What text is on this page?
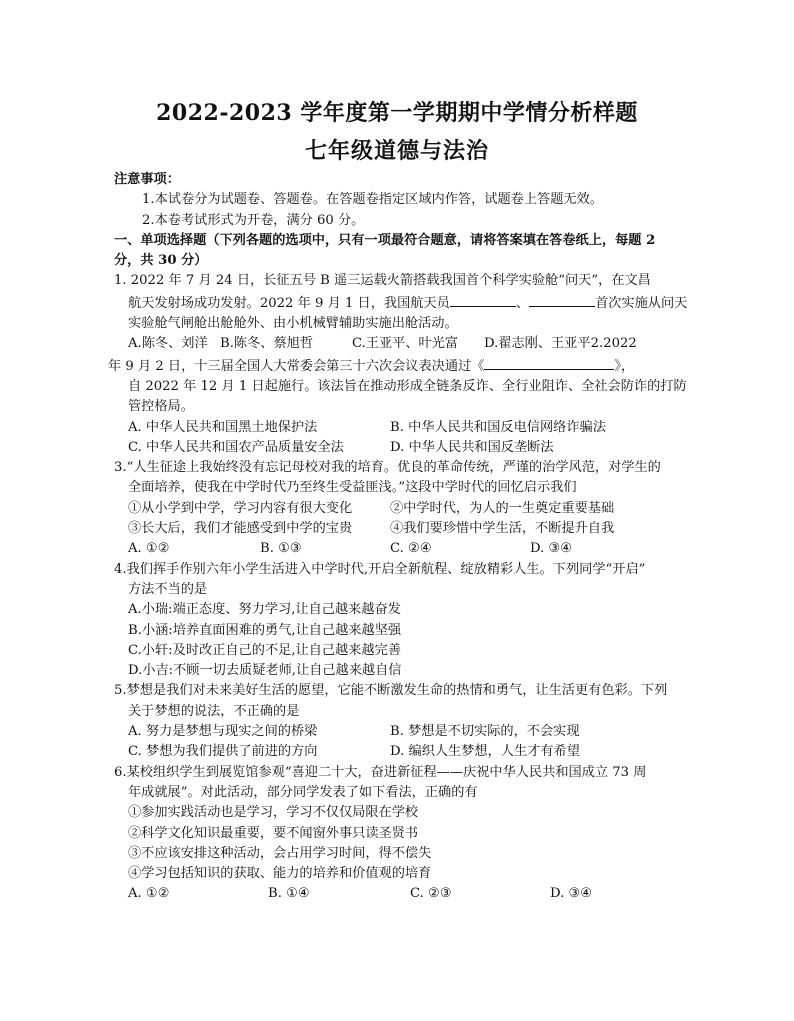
2022-2023 学年度第一学期期中学情分析样题
七年级道德与法治
注意事项：
1.本试卷分为试题卷、答题卷。在答题卷指定区域内作答，试题卷上答题无效。
2.本卷考试形式为开卷，满分 60 分。
一、单项选择题（下列各题的选项中，只有一项最符合题意，请将答案填在答卷纸上，每题 2
分，共 30 分）
1. 2022 年 7 月 24 日，长征五号 B 遥三运载火箭搭载我国首个科学实验舱“问天”，在文昌
航天发射场成功发射。2022 年 9 月 1 日，我国航天员	、	首次实施从问天
实验舱气闸舱出舱舱外、由小机械臂辅助实施出舱活动。
A.陈冬、刘洋 B.陈冬、蔡旭哲	C.王亚平、叶光富	D.翟志刚、王亚平2.2022
年 9 月 2 日，十三届全国人大常委会第三十六次会议表决通过《	》，
自 2022 年 12 月 1 日起施行。该法旨在推动形成全链条反诈、全行业阻诈、全社会防诈的打防
管控格局。
A. 中华人民共和国黑土地保护法	B. 中华人民共和国反电信网络诈骗法
C. 中华人民共和国农产品质量安全法	D. 中华人民共和国反垄断法
3.“人生征途上我始终没有忘记母校对我的培育。优良的革命传统，严谨的治学风范，对学生的
全面培养，使我在中学时代乃至终生受益匪浅。”这段中学时代的回忆启示我们
①从小学到中学，学习内容有很大变化	②中学时代，为人的一生奠定重要基础
③长大后，我们才能感受到中学的宝贵	④我们要珍惜中学生活，不断提升自我
A. ①②	B. ①③	C. ②④	D. ③④
4.我们挥手作别六年小学生活进入中学时代,开启全新航程、绽放精彩人生。下列同学“开启”
方法不当的是
A.小瑞:端正态度、努力学习,让自己越来越奋发
B.小涵:培养直面困难的勇气,让自己越来越坚强
C.小轩:及时改正自己的不足,让自己越来越完善
D.小吉:不顾一切去质疑老师,让自己越来越自信
5.梦想是我们对未来美好生活的愿望，它能不断激发生命的热情和勇气，让生活更有色彩。下列
关于梦想的说法，不正确的是
A. 努力是梦想与现实之间的桥梁	B. 梦想是不切实际的，不会实现
C. 梦想为我们提供了前进的方向	D. 编织人生梦想，人生才有希望
6.某校组织学生到展览馆参观“喜迎二十大，奋进新征程——庆祝中华人民共和国成立 73 周
年成就展”。对此活动，部分同学发表了如下看法，正确的有
①参加实践活动也是学习，学习不仅仅局限在学校
②科学文化知识最重要，要不闻窗外事只读圣贤书
③不应该安排这种活动，会占用学习时间，得不偿失
④学习包括知识的获取、能力的培养和价值观的培育
A. ①②	B. ①④	C. ②③	D. ③④
